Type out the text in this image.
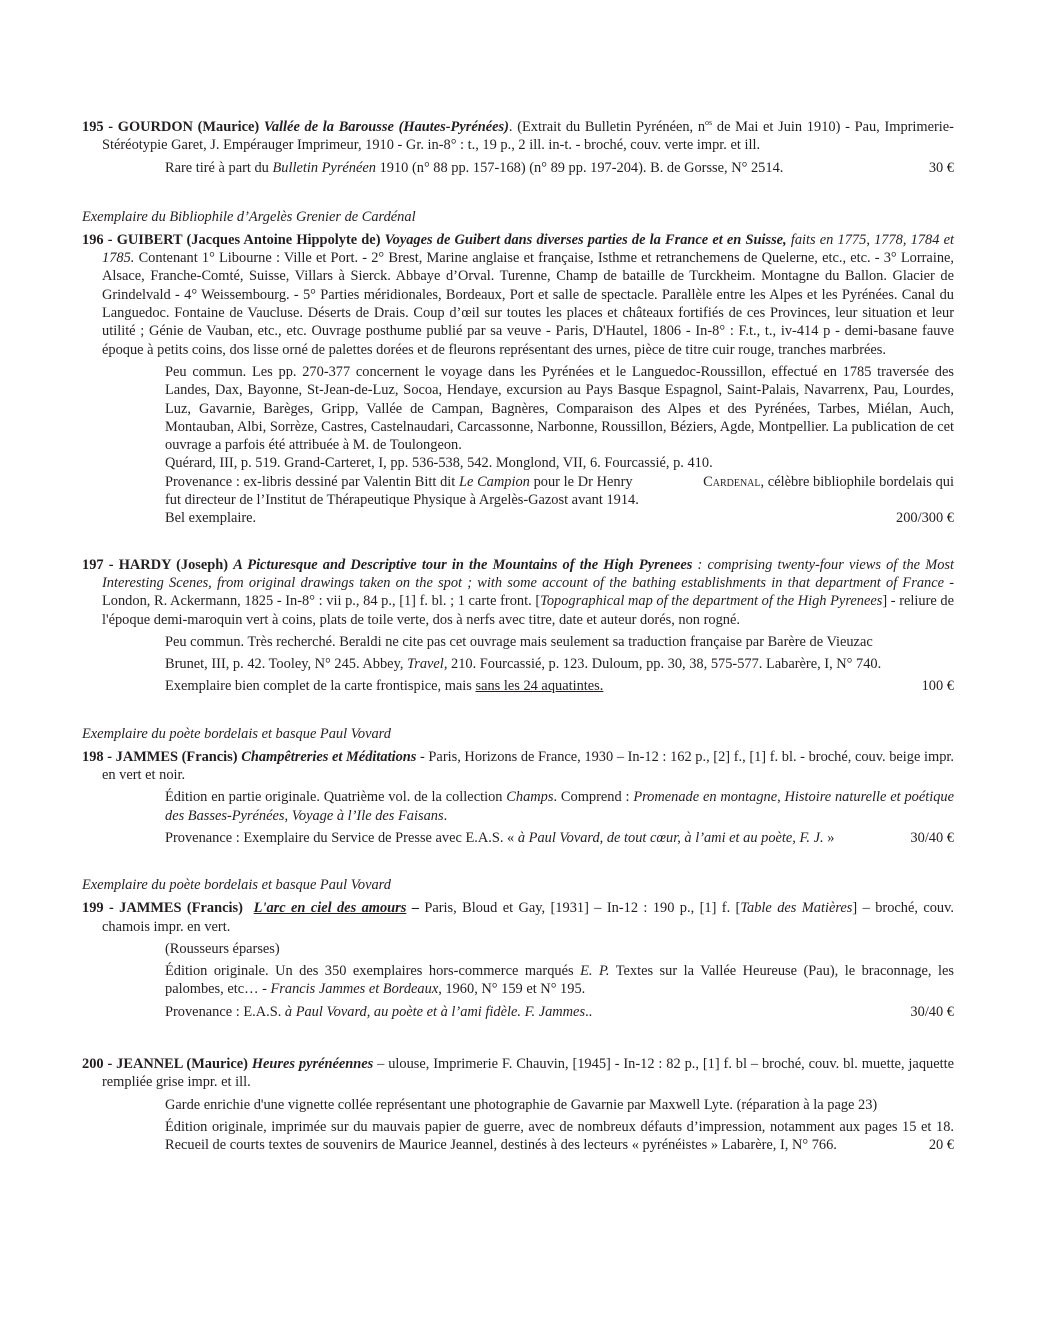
195 - GOURDON (Maurice) Vallée de la Barousse (Hautes-Pyrénées). (Extrait du Bulletin Pyrénéen, $n^{os}$ de Mai et Juin 1910) - Pau, Imprimerie-Stéréotypie Garet, J. Empérauger Imprimeur, 1910 - Gr. in-8° : t., 19 p., 2 ill. in-t. - broché, couv. verte impr. et ill.

30 €
Rare tiré à part du Bulletin Pyrénéen 1910 (n° 88 pp. 157-168) (n° 89 pp. 197-204). B. de Gorsse, N° 2514.

Exemplaire du Bibliophile d’Argelès Grenier de Cardénal

196 - GUIBERT (Jacques Antoine Hippolyte de) Voyages de Guibert dans diverses parties de la France et en Suisse, faits en 1775, 1778, 1784 et 1785. Contenant 1° Libourne : Ville et Port. - 2° Brest, Marine anglaise et française, Isthme et retranchemens de Quelerne, etc., etc. - 3° Lorraine, Alsace, Franche-Comté, Suisse, Villars à Sierck. Abbaye d’Orval. Turenne, Champ de bataille de Turckheim. Montagne du Ballon. Glacier de Grindelvald - 4° Weissembourg. - 5° Parties méridionales, Bordeaux, Port et salle de spectacle. Parallèle entre les Alpes et les Pyrénées. Canal du Languedoc. Fontaine de Vaucluse. Déserts de Drais. Coup d’œil sur toutes les places et châteaux fortifiés de ces Provinces, leur situation et leur utilité ; Génie de Vauban, etc., etc. Ouvrage posthume publié par sa veuve - Paris, D'Hautel, 1806 - In-8° : F.t., t., iv-414 p - demi-basane fauve époque à petits coins, dos lisse orné de palettes dorées et de fleurons représentant des urnes, pièce de titre cuir rouge, tranches marbrées.

Peu commun. Les pp. 270-377 concernent le voyage dans les Pyrénées et le Languedoc-Roussillon, effectué en 1785 traversée des Landes, Dax, Bayonne, St-Jean-de-Luz, Socoa, Hendaye, excursion au Pays Basque Espagnol, Saint-Palais, Navarrenx, Pau, Lourdes, Luz, Gavarnie, Barèges, Gripp, Vallée de Campan, Bagnères, Comparaison des Alpes et des Pyrénées, Tarbes, Miélan, Auch, Montauban, Albi, Sorrèze, Castres, Castelnaudari, Carcassonne, Narbonne, Roussillon, Béziers, Agde, Montpellier. La publication de cet ouvrage a parfois été attribuée à M. de Toulongeon.

Quérard, III, p. 519. Grand-Carteret, I, pp. 536-538, 542. Monglond, VII, 6. Fourcassié, p. 410.

Provenance : ex-libris dessiné par Valentin Bitt dit Le Campion pour le Dr Henry	Cardenal, célèbre bibliophile bordelais qui fut directeur de l’Institut de Thérapeutique Physique à Argelès-Gazost avant 1914.

200/300 €
Bel exemplaire.

197 - HARDY (Joseph) A Picturesque and Descriptive tour in the Mountains of the High Pyrenees : comprising twenty-four views of the Most Interesting Scenes, from original drawings taken on the spot ; with some account of the bathing establishments in that department of France - London, R. Ackermann, 1825 - In-8° : vii p., 84 p., [1] f. bl. ; 1 carte front. [Topographical map of the department of the High Pyrenees] - reliure de l'époque demi-maroquin vert à coins, plats de toile verte, dos à nerfs avec titre, date et auteur dorés, non rogné.

Peu commun. Très recherché. Beraldi ne cite pas cet ouvrage mais seulement sa traduction française par Barère de Vieuzac

Brunet, III, p. 42. Tooley, N° 245. Abbey, Travel, 210. Fourcassié, p. 123. Duloum, pp. 30, 38, 575-577. Labarère, I, N° 740.

100 €
Exemplaire bien complet de la carte frontispice, mais sans les 24 aquatintes.

Exemplaire du poète bordelais et basque Paul Vovard

198 - JAMMES (Francis) Champêtreries et Méditations - Paris, Horizons de France, 1930 – In-12 : 162 p., [2] f., [1] f. bl. - broché, couv. beige impr. en vert et noir.

Édition en partie originale. Quatrième vol. de la collection Champs. Comprend : Promenade en montagne, Histoire naturelle et poétique des Basses-Pyrénées, Voyage à l’Ile des Faisans.

30/40 €
Provenance : Exemplaire du Service de Presse avec E.A.S. « à Paul Vovard, de tout cœur, à l’ami et au poète, F. J. »

Exemplaire du poète bordelais et basque Paul Vovard

199 - JAMMES (Francis) L'arc en ciel des amours – Paris, Bloud et Gay, [1931] – In-12 : 190 p., [1] f. [Table des Matières] – broché, couv. chamois impr. en vert.

(Rousseurs éparses)

Édition originale. Un des 350 exemplaires hors-commerce marqués E. P. Textes sur la Vallée Heureuse (Pau), le braconnage, les palombes, etc… - Francis Jammes et Bordeaux, 1960, N° 159 et N° 195.

30/40 €
Provenance : E.A.S. à Paul Vovard, au poète et à l’ami fidèle. F. Jammes..

200 - JEANNEL (Maurice) Heures pyrénéennes – ulouse, Imprimerie F. Chauvin, [1945] - In-12 : 82 p., [1] f. bl – broché, couv. bl. muette, jaquette rempliée grise impr. et ill.

Garde enrichie d'une vignette collée représentant une photographie de Gavarnie par Maxwell Lyte. (réparation à la page 23)

Édition originale, imprimée sur du mauvais papier de guerre, avec de nombreux défauts d’impression, notamment aux pages 15 et 18. Recueil de courts textes de souvenirs de Maurice Jeannel, destinés à des lecteurs « pyrénéistes » Labarère, I, N° 766.	20 €
